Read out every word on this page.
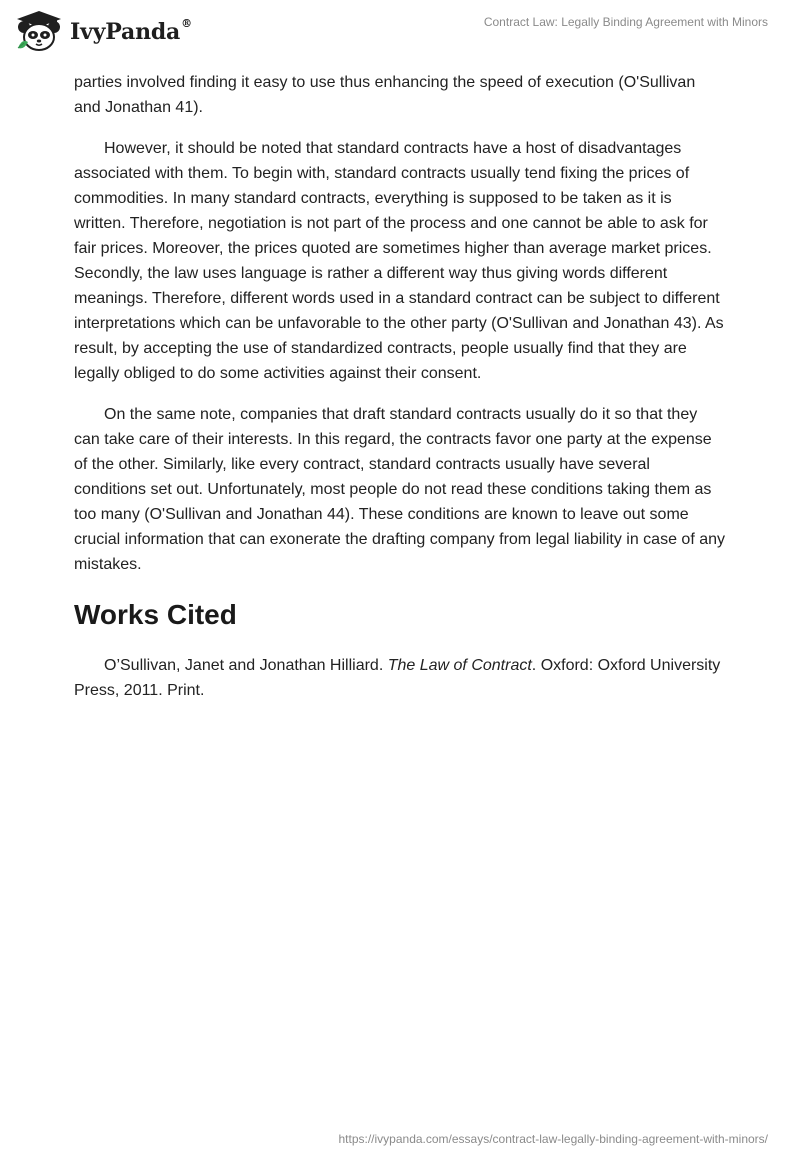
IvyPanda®	Contract Law: Legally Binding Agreement with Minors

parties involved finding it easy to use thus enhancing the speed of execution (O'Sullivan and Jonathan 41).

However, it should be noted that standard contracts have a host of disadvantages associated with them. To begin with, standard contracts usually tend fixing the prices of commodities. In many standard contracts, everything is supposed to be taken as it is written. Therefore, negotiation is not part of the process and one cannot be able to ask for fair prices. Moreover, the prices quoted are sometimes higher than average market prices. Secondly, the law uses language is rather a different way thus giving words different meanings. Therefore, different words used in a standard contract can be subject to different interpretations which can be unfavorable to the other party (O'Sullivan and Jonathan 43). As result, by accepting the use of standardized contracts, people usually find that they are legally obliged to do some activities against their consent.

On the same note, companies that draft standard contracts usually do it so that they can take care of their interests. In this regard, the contracts favor one party at the expense of the other. Similarly, like every contract, standard contracts usually have several conditions set out. Unfortunately, most people do not read these conditions taking them as too many (O'Sullivan and Jonathan 44). These conditions are known to leave out some crucial information that can exonerate the drafting company from legal liability in case of any mistakes.

Works Cited

O’Sullivan, Janet and Jonathan Hilliard. The Law of Contract. Oxford: Oxford University Press, 2011. Print.

https://ivypanda.com/essays/contract-law-legally-binding-agreement-with-minors/
